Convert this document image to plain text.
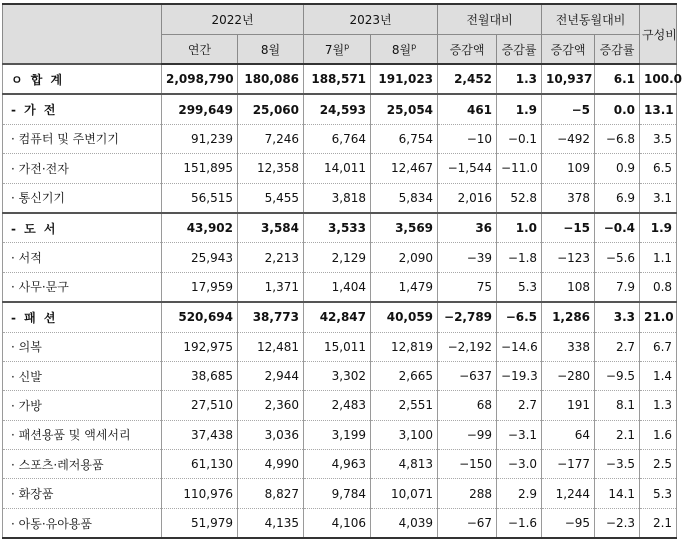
	2022년		2023년		전월대비		전년동월대비		구성비
	연간	8월	7월$^p$	8월$^p$	증감액	증감률	증감액	증감률	
ㅇ 합 계	2,098,790	180,086	188,571	191,023	2,452	1.3	10,937	6.1	100.0
- 가 전	299,649	25,060	24,593	25,054	461	1.9	−5	0.0	13.1
· 컴퓨터 및 주변기기	91,239	7,246	6,764	6,754	−10	−0.1	−492	−6.8	3.5
· 가전·전자	151,895	12,358	14,011	12,467	−1,544	−11.0	109	0.9	6.5
· 통신기기	56,515	5,455	3,818	5,834	2,016	52.8	378	6.9	3.1
- 도 서	43,902	3,584	3,533	3,569	36	1.0	−15	−0.4	1.9
· 서적	25,943	2,213	2,129	2,090	−39	−1.8	−123	−5.6	1.1
· 사무·문구	17,959	1,371	1,404	1,479	75	5.3	108	7.9	0.8
- 패 션	520,694	38,773	42,847	40,059	−2,789	−6.5	1,286	3.3	21.0
· 의복	192,975	12,481	15,011	12,819	−2,192	−14.6	338	2.7	6.7
· 신발	38,685	2,944	3,302	2,665	−637	−19.3	−280	−9.5	1.4
· 가방	27,510	2,360	2,483	2,551	68	2.7	191	8.1	1.3
· 패션용품 및 액세서리	37,438	3,036	3,199	3,100	−99	−3.1	64	2.1	1.6
· 스포츠·레저용품	61,130	4,990	4,963	4,813	−150	−3.0	−177	−3.5	2.5
· 화장품	110,976	8,827	9,784	10,071	288	2.9	1,244	14.1	5.3
· 아동·유아용품	51,979	4,135	4,106	4,039	−67	−1.6	−95	−2.3	2.1
